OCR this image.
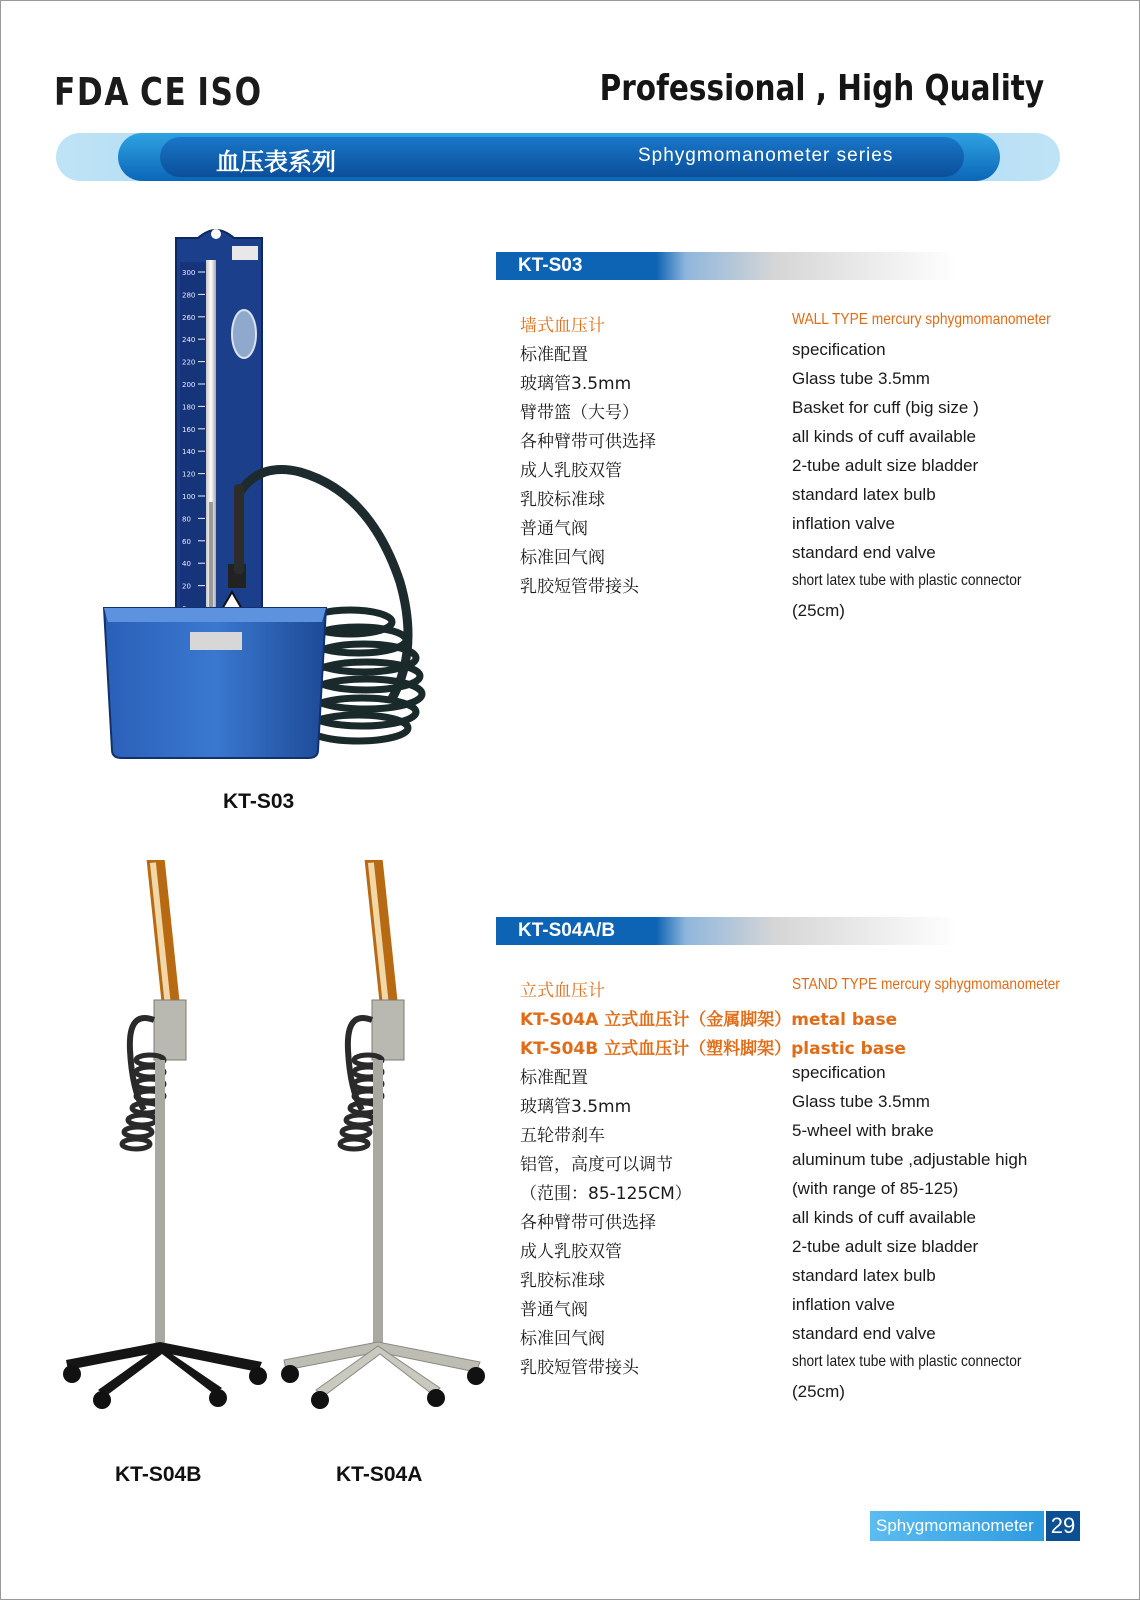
FDA CE ISO	Professional , High Quality
血压表系列	Sphygmomanometer series
300
280
260
240
220
200
180
160
140
120
100
80
60
40
20
KT-S03
KT-S03
墙式血压计	WALL TYPE mercury sphygmomanometer
标准配置	specification
玻璃管3.5mm	Glass tube 3.5mm
臂带篮（大号）	Basket for cuff (big size )
各种臂带可供选择	all kinds of cuff available
成人乳胶双管	2-tube adult size bladder
乳胶标准球	standard latex bulb
普通气阀	inflation valve
标准回气阀	standard end valve
乳胶短管带接头	short latex tube with plastic connector
(25cm)
KT-S04B	KT-S04A
KT-S04A/B
立式血压计	STAND TYPE mercury sphygmomanometer
KT-S04A 立式血压计（金属脚架）metal base
KT-S04B 立式血压计（塑料脚架）plastic base
标准配置	specification
玻璃管3.5mm	Glass tube 3.5mm
五轮带刹车	5-wheel with brake
铝管，高度可以调节	aluminum tube ,adjustable high
（范围：85-125CM）	(with range of 85-125)
各种臂带可供选择	all kinds of cuff available
成人乳胶双管	2-tube adult size bladder
乳胶标准球	standard latex bulb
普通气阀	inflation valve
标准回气阀	standard end valve
乳胶短管带接头	short latex tube with plastic connector
(25cm)
Sphygmomanometer 29
